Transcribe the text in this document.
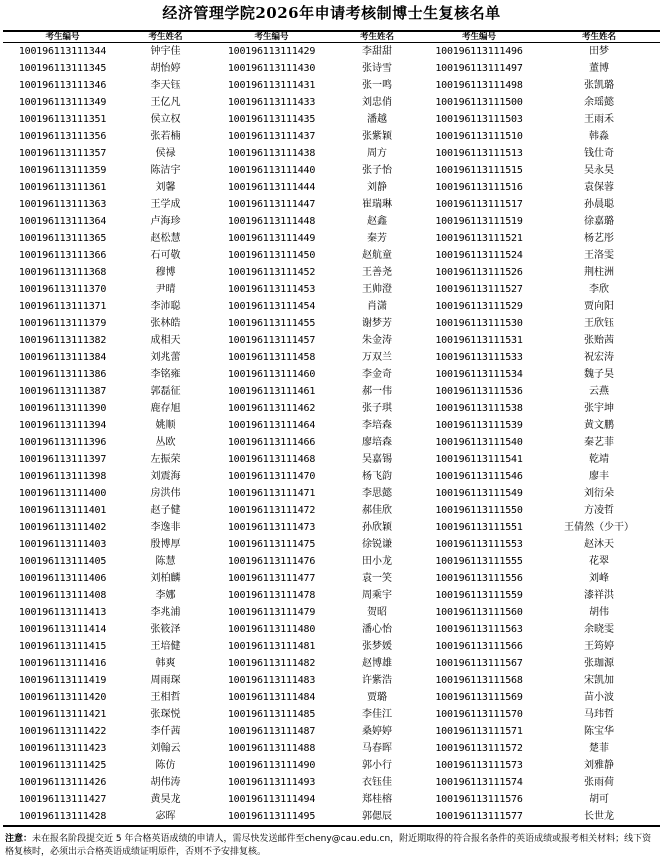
经济管理学院2026年申请考核制博士生复核名单
考生编号	考生姓名	考生编号	考生姓名	考生编号	考生姓名
100196113111344	钟宇佳	100196113111429	李甜甜	100196113111496	田梦
100196113111345	胡怡婷	100196113111430	张诗雪	100196113111497	董博
100196113111346	李天钰	100196113111431	张一鸣	100196113111498	张凯璐
100196113111349	王亿凡	100196113111433	刘忠俏	100196113111500	余瑶懿
100196113111351	侯立权	100196113111435	潘越	100196113111503	王雨禾
100196113111356	张若楠	100196113111437	张紫颖	100196113111510	韩淼
100196113111357	侯禄	100196113111438	周方	100196113111513	钱仕奇
100196113111359	陈洁宇	100196113111440	张子怡	100196113111515	吴永昊
100196113111361	刘馨	100196113111444	刘静	100196113111516	袁保蓉
100196113111363	王学成	100196113111447	崔瑞琳	100196113111517	孙晨聪
100196113111364	卢海珍	100196113111448	赵鑫	100196113111519	徐嘉璐
100196113111365	赵松慧	100196113111449	秦芳	100196113111521	杨艺彤
100196113111366	石可敬	100196113111450	赵航童	100196113111524	王洛雯
100196113111368	穆博	100196113111452	王善尧	100196113111526	荆柱洲
100196113111370	尹晴	100196113111453	王帅澄	100196113111527	李欣
100196113111371	李沛聪	100196113111454	肖潇	100196113111529	贾向阳
100196113111379	张林皓	100196113111455	谢梦芳	100196113111530	王欣钰
100196113111382	成相天	100196113111457	朱金涛	100196113111531	张贻茜
100196113111384	刘兆蕾	100196113111458	万双兰	100196113111533	祝宏涛
100196113111386	李铭雍	100196113111460	李金奇	100196113111534	魏子昊
100196113111387	郭磊征	100196113111461	郝一伟	100196113111536	云燕
100196113111390	鹿存旭	100196113111462	张子琪	100196113111538	张宇坤
100196113111394	姚顺	100196113111464	李培森	100196113111539	黄文鹏
100196113111396	丛欧	100196113111466	廖培森	100196113111540	秦艺菲
100196113111397	左振荣	100196113111468	吴嘉锡	100196113111541	乾靖
100196113111398	刘震海	100196113111470	杨飞韵	100196113111546	廖丰
100196113111400	房洪伟	100196113111471	李思懿	100196113111549	刘衍朵
100196113111401	赵子健	100196113111472	郝佳欣	100196113111550	方凌哲
100196113111402	李逸非	100196113111473	孙欣颖	100196113111551	王倩然（少干）
100196113111403	殷博厚	100196113111475	徐锐谦	100196113111553	赵沐天
100196113111405	陈慧	100196113111476	田小龙	100196113111555	花翠
100196113111406	刘柏麟	100196113111477	袁一笑	100196113111556	刘峰
100196113111408	李娜	100196113111478	周乘宇	100196113111559	漆祥洪
100196113111413	李兆浦	100196113111479	贺昭	100196113111560	胡伟
100196113111414	张筱泽	100196113111480	潘心怡	100196113111563	余晓雯
100196113111415	王培健	100196113111481	张梦媛	100196113111566	王筠婷
100196113111416	韩爽	100196113111482	赵博雄	100196113111567	张珈源
100196113111419	周雨琛	100196113111483	许紫浩	100196113111568	宋凯加
100196113111420	王相哲	100196113111484	贾璐	100196113111569	苗小波
100196113111421	张琛悦	100196113111485	李佳江	100196113111570	马玮哲
100196113111422	李仟茜	100196113111487	桑婷婷	100196113111571	陈宝华
100196113111423	刘翰云	100196113111488	马春晖	100196113111572	楚菲
100196113111425	陈仿	100196113111490	郭小行	100196113111573	刘雅静
100196113111426	胡伟涛	100196113111493	衣钰佳	100196113111574	张雨荷
100196113111427	黄昊龙	100196113111494	郑桂榕	100196113111576	胡可
100196113111428	宓晖	100196113111495	郭偲辰	100196113111577	长世龙
注意：未在报名阶段提交近 5 年合格英语成绩的申请人，需尽快发送邮件至cheny@cau.edu.cn，附近期取得的符合报名条件的英语成绩或报考相关材料；线下资格复核时，必须出示合格英语成绩证明原件，否则不予安排复核。
